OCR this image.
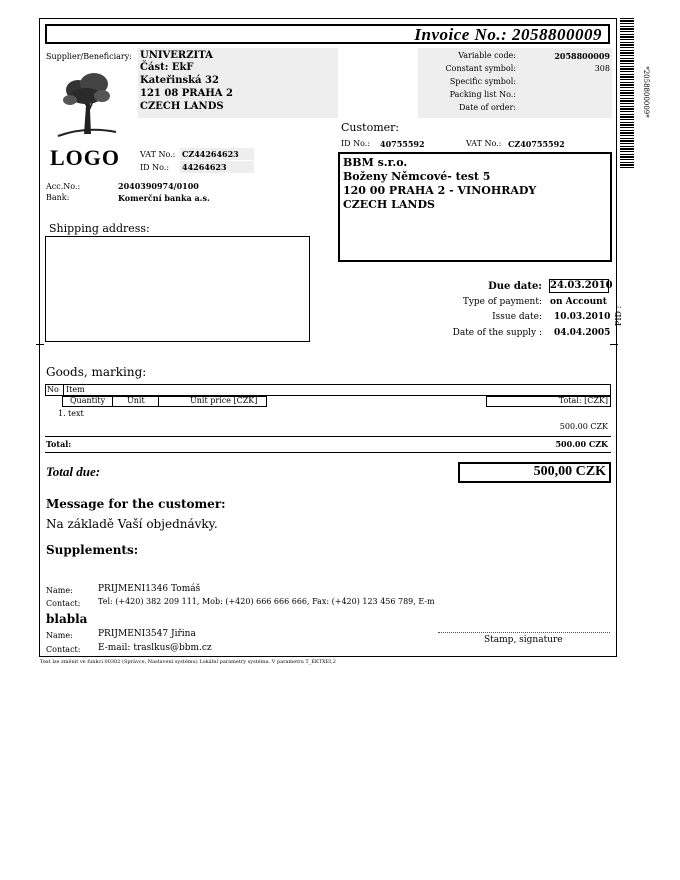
Invoice No.: 2058800009
*2058800009*
Supplier/Beneficiary: UNIVERZITA
Část: EkF
Kateřinská 32
121 08 PRAHA 2
CZECH LANDS
LOGO VAT No.: CZ44264623
ID No.: 44264623
Acc.No.:	2040390974/0100
Bank:	Komerční banka a.s.
Variable code:	2058800009
Constant symbol:	308
Specific symbol:
Packing list No.:
Date of order:
Customer:
ID No.: 40755592	VAT No.: CZ40755592
BBM s.r.o.
Boženy Němcové- test 5
120 00 PRAHA 2 - VINOHRADY
CZECH LANDS
Shipping address:
Due date: 24.03.2010
Type of payment: on Account
Issue date: 10.03.2010
Date of the supply : 04.04.2005
PID :
Goods, marking:
No Item
Quantity	Unit	Unit price [CZK]	Total: [CZK]
1. text
500.00 CZK
Total:	500.00 CZK
Total due:	500,00 CZK
Message for the customer:
Na základě Vaší objednávky.
Supplements:
Name:	PRIJMENI1346 Tomáš
Contact: Tel: (+420) 382 209 111, Mob: (+420) 666 666 666, Fax: (+420) 123 456 789, E-m
blabla
Name:	PRIJMENI3547 Jiřina
Contact: E-mail: traslkus@bbm.cz
Stamp, signature
Text lze změnit ve funkci 00302 (Správce, Nastavení systému) Lokální parametry systému. V parametru T_EKTXEI,2
